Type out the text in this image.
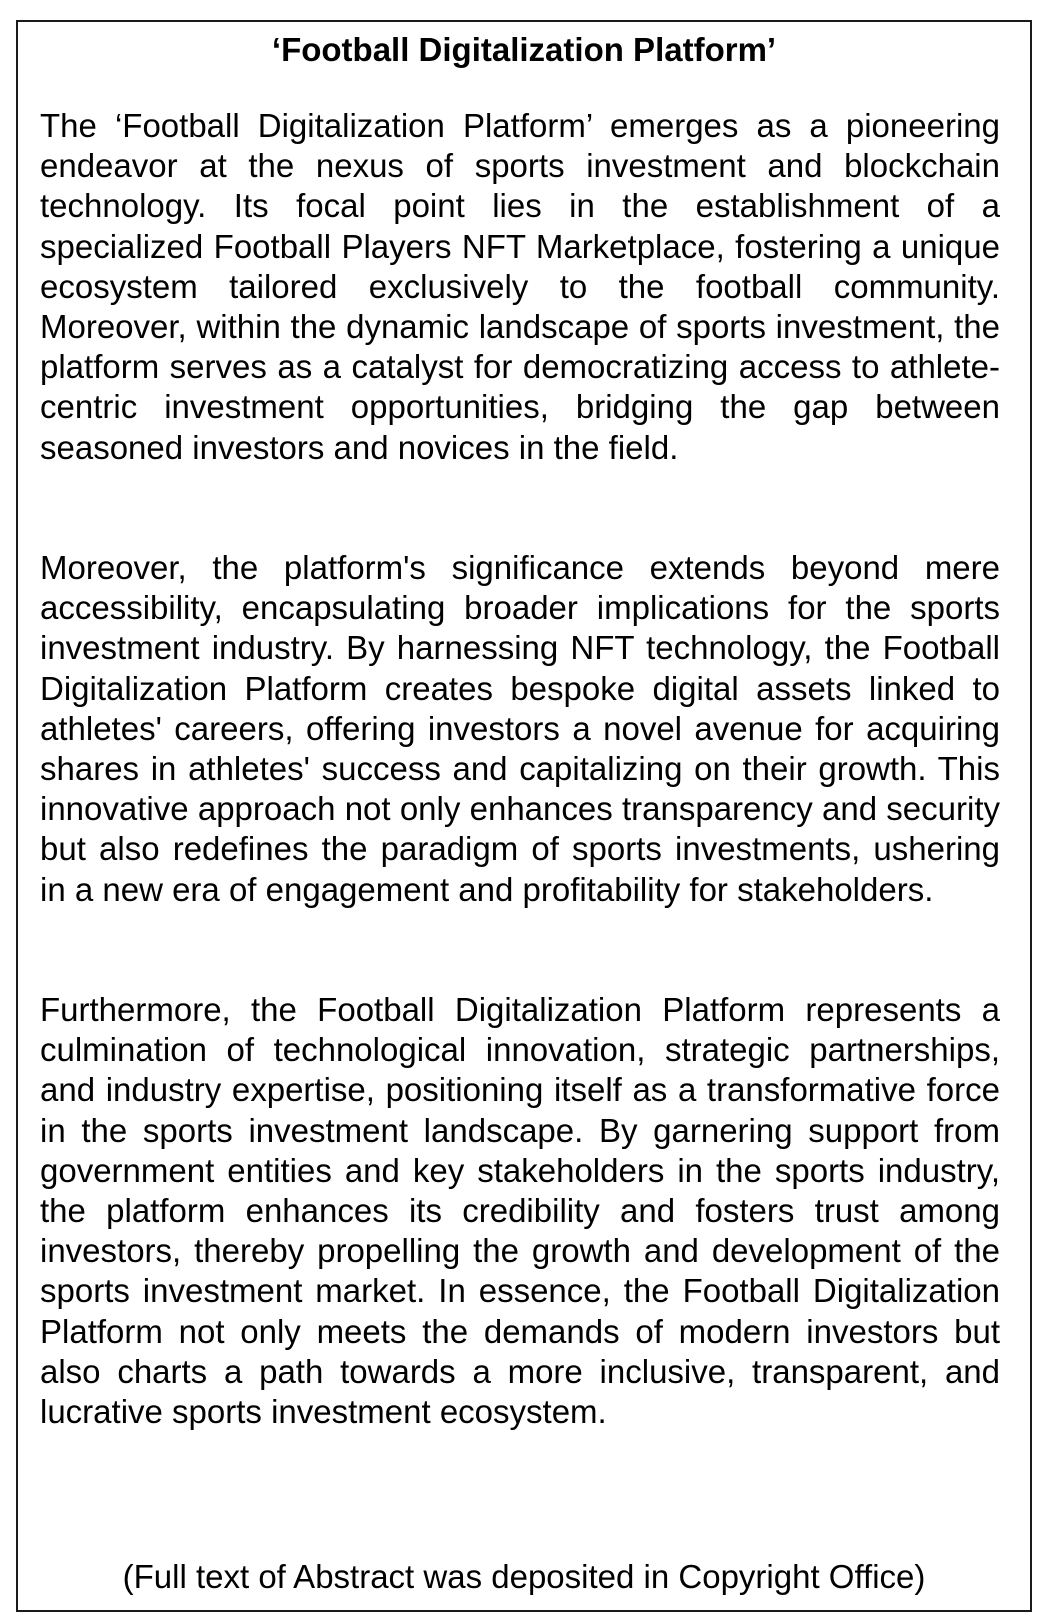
‘Football Digitalization Platform’

The ‘Football Digitalization Platform’ emerges as a pioneering endeavor at the nexus of sports investment and blockchain technology. Its focal point lies in the establishment of a specialized Football Players NFT Marketplace, fostering a unique ecosystem tailored exclusively to the football community. Moreover, within the dynamic landscape of sports investment, the platform serves as a catalyst for democratizing access to athlete-centric investment opportunities, bridging the gap between seasoned investors and novices in the field.

Moreover, the platform's significance extends beyond mere accessibility, encapsulating broader implications for the sports investment industry. By harnessing NFT technology, the Football Digitalization Platform creates bespoke digital assets linked to athletes' careers, offering investors a novel avenue for acquiring shares in athletes' success and capitalizing on their growth. This innovative approach not only enhances transparency and security but also redefines the paradigm of sports investments, ushering in a new era of engagement and profitability for stakeholders.

Furthermore, the Football Digitalization Platform represents a culmination of technological innovation, strategic partnerships, and industry expertise, positioning itself as a transformative force in the sports investment landscape. By garnering support from government entities and key stakeholders in the sports industry, the platform enhances its credibility and fosters trust among investors, thereby propelling the growth and development of the sports investment market. In essence, the Football Digitalization Platform not only meets the demands of modern investors but also charts a path towards a more inclusive, transparent, and lucrative sports investment ecosystem.

(Full text of Abstract was deposited in Copyright Office)
